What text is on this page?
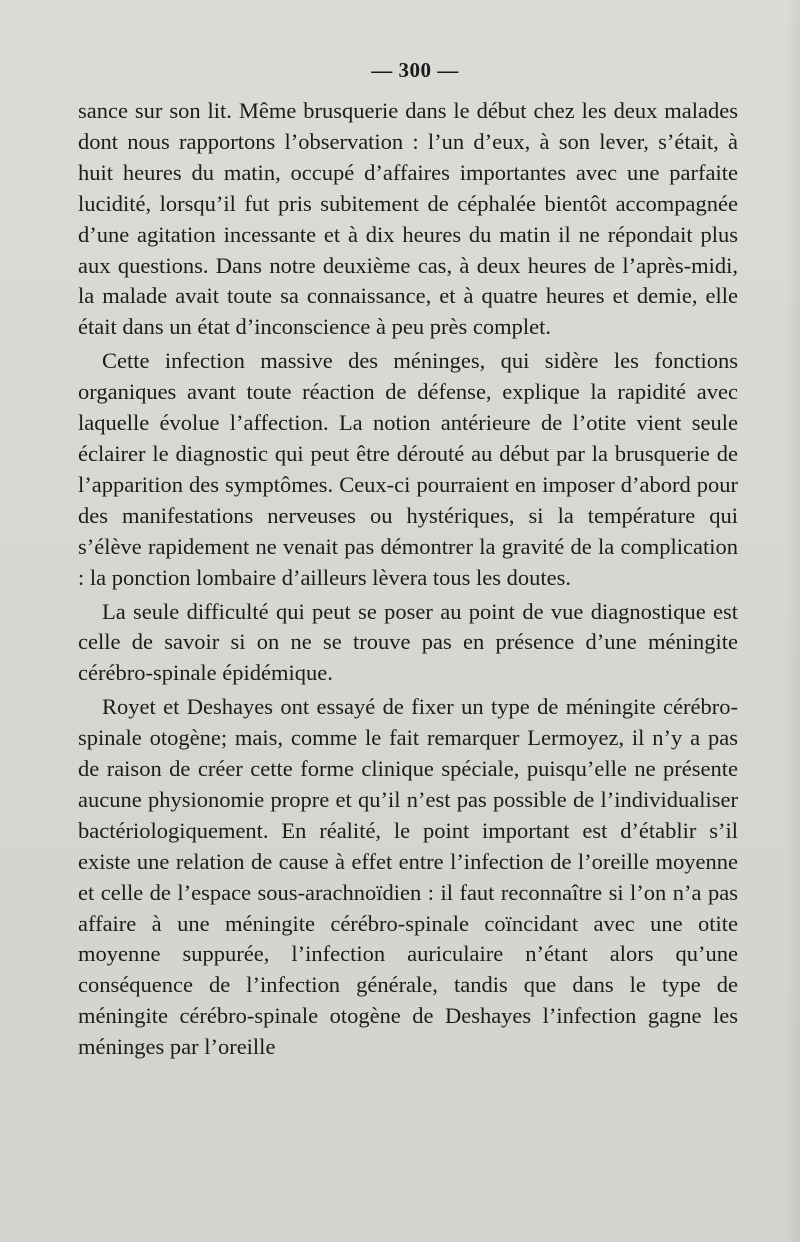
— 300 —

sance sur son lit. Même brusquerie dans le début chez les deux malades dont nous rapportons l’observation : l’un d’eux, à son lever, s’était, à huit heures du matin, occupé d’affaires importantes avec une parfaite lucidité, lorsqu’il fut pris subitement de céphalée bientôt accompagnée d’une agitation incessante et à dix heures du matin il ne répondait plus aux questions. Dans notre deuxième cas, à deux heures de l’après-midi, la malade avait toute sa connaissance, et à quatre heures et demie, elle était dans un état d’inconscience à peu près complet.

Cette infection massive des méninges, qui sidère les fonctions organiques avant toute réaction de défense, explique la rapidité avec laquelle évolue l’affection. La notion antérieure de l’otite vient seule éclairer le diagnostic qui peut être dérouté au début par la brusquerie de l’apparition des symptômes. Ceux-ci pourraient en imposer d’abord pour des manifestations nerveuses ou hystériques, si la température qui s’élève rapidement ne venait pas démontrer la gravité de la complication : la ponction lombaire d’ailleurs lèvera tous les doutes.

La seule difficulté qui peut se poser au point de vue diagnostique est celle de savoir si on ne se trouve pas en présence d’une méningite cérébro-spinale épidémique.

Royet et Deshayes ont essayé de fixer un type de méningite cérébro-spinale otogène; mais, comme le fait remarquer Lermoyez, il n’y a pas de raison de créer cette forme clinique spéciale, puisqu’elle ne présente aucune physionomie propre et qu’il n’est pas possible de l’individualiser bactériologiquement. En réalité, le point important est d’établir s’il existe une relation de cause à effet entre l’infection de l’oreille moyenne et celle de l’espace sous-arachnoïdien : il faut reconnaître si l’on n’a pas affaire à une méningite cérébro-spinale coïncidant avec une otite moyenne suppurée, l’infection auriculaire n’étant alors qu’une conséquence de l’infection générale, tandis que dans le type de méningite cérébro-spinale otogène de Deshayes l’infection gagne les méninges par l’oreille
